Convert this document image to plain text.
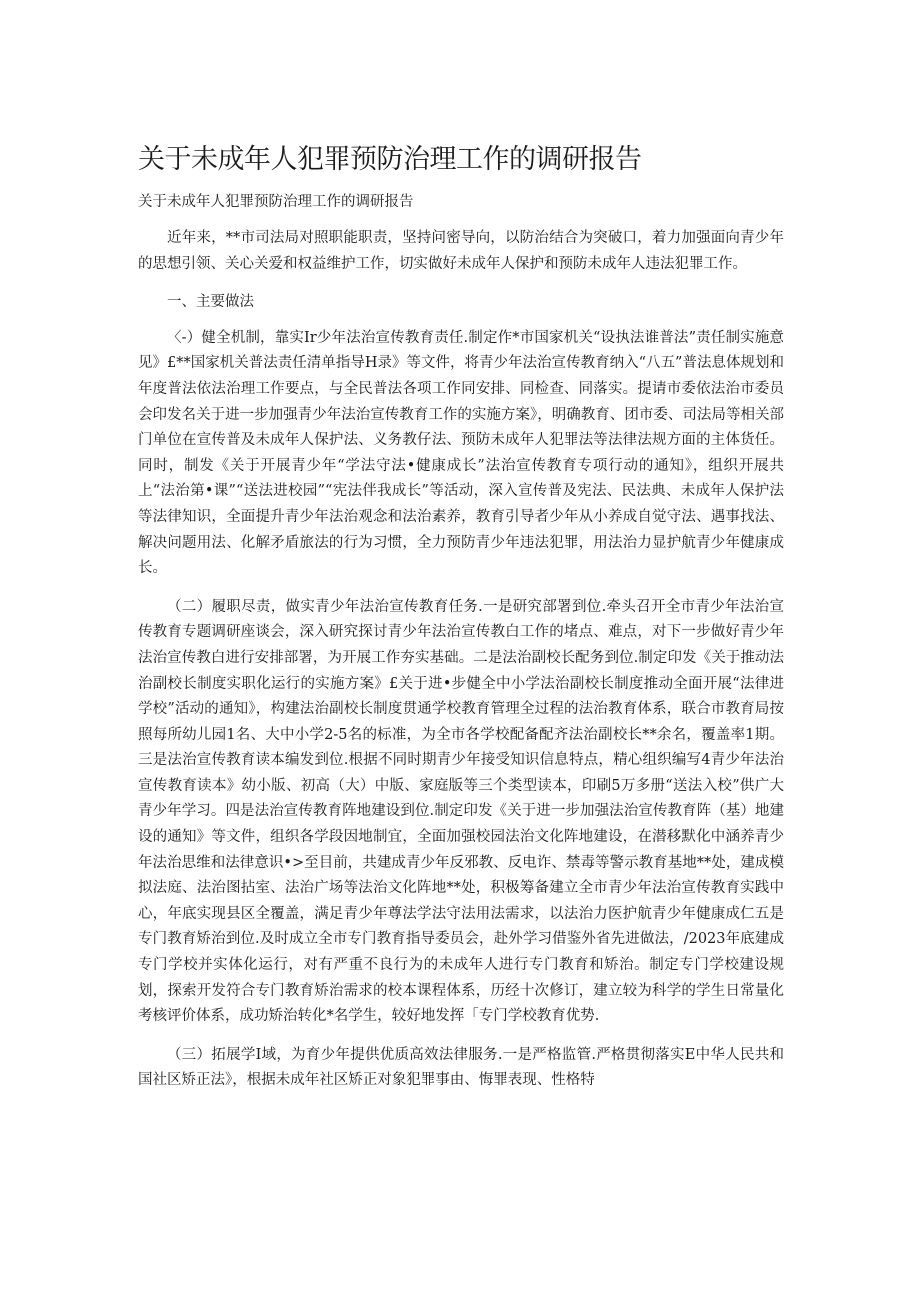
关于未成年人犯罪预防治理工作的调研报告

关于未成年人犯罪预防治理工作的调研报告

近年来，**市司法局对照职能职责，坚持问密导向，以防治结合为突破口，着力加强面向青少年的思想引领、关心关爱和权益维护工作，切实做好未成年人保护和预防未成年人违法犯罪工作。

一、主要做法

〈-）健全机制，靠实Ir少年法治宣传教育责任.制定作*市国家机关“设执法谁普法”责任制实施意见》£**国家机关普法责任清单指导H录》等文件，将青少年法治宣传教育纳入“八五”普法息体规划和年度普法依法治理工作要点，与全民普法各项工作同安排、同检查、同落实。提请市委依法治市委员会印发名关于进一步加强青少年法治宣传教育工作的实施方案》，明确教育、团市委、司法局等相关部门单位在宣传普及未成年人保护法、义务教仔法、预防未成年人犯罪法等法律法规方面的主体货任。同时，制发《关于开展青少年“学法守法•健康成长”法治宣传教育专项行动的通知》，组织开展共上“法治第•课”“送法进校园”“宪法伴我成长”等活动，深入宣传普及宪法、民法典、未成年人保护法等法律知识，全面提升青少年法治观念和法治素养，教育引导者少年从小养成自觉守法、遇事找法、解决问题用法、化解矛盾旅法的行为习惯，全力预防青少年违法犯罪，用法治力显护航青少年健康成长。

（二）履职尽责，做实青少年法治宣传教育任务.一是研究部署到位.牵头召开全市青少年法治宣传教育专题调研座谈会，深入研究探讨青少年法治宣传教白工作的堵点、难点，对下一步做好青少年法治宣传教白进行安排部署，为开展工作夯实基础。二是法治副校长配务到位.制定印发《关于推动法治副校长制度实职化运行的实施方案》£关于进•步健全中小学法治副校长制度推动全面开展“法律进学校”活动的通知》，构建法治副校长制度贯通学校教育管理全过程的法治教育体系，联合市教育局按照每所幼儿园1名、大中小学2-5名的标准，为全市各学校配备配齐法治副校长**余名，覆盖率1期。三是法治宣传教育读本编发到位.根据不同时期青少年接受知识信息特点，精心组织编写4青少年法治宣传教育读本》幼小版、初高（大）中版、家庭版等三个类型读本，印刷5万多册“送法入校”供广大青少年学习。四是法治宣传教育阵地建设到位.制定印发《关于进一步加强法治宣传教育阵（基）地建设的通知》等文件，组织各学段因地制宜，全面加强校园法治文化阵地建设，在潜移默化中涵养青少年法治思维和法律意识•>至目前，共建成青少年反邪教、反电诈、禁毒等警示教育基地**处，建成模拟法庭、法治图拈室、法治广场等法治文化阵地**处，积极筹备建立全市青少年法治宣传教育实践中心，年底实现县区全覆盖，满足青少年尊法学法守法用法需求，以法治力医护航青少年健康成仁五是专门教育矫治到位.及时成立全市专门教育指导委员会，赴外学习借鉴外省先进做法，/2023年底建成专门学校并实体化运行，对有严重不良行为的未成年人进行专门教育和矫治。制定专门学校建设规划，探索开发符合专门教育矫治需求的校本课程体系，历经十次修订，建立较为科学的学生日常量化考核评价体系，成功矫治转化*名学生，较好地发挥「专门学校教育优势.

（三）拓展学I域，为育少年提供优质高效法律服务.一是严格监管.严格贯彻落实E中华人民共和国社区矫正法》，根据未成年社区矫正对象犯罪事由、悔罪表现、性格特
